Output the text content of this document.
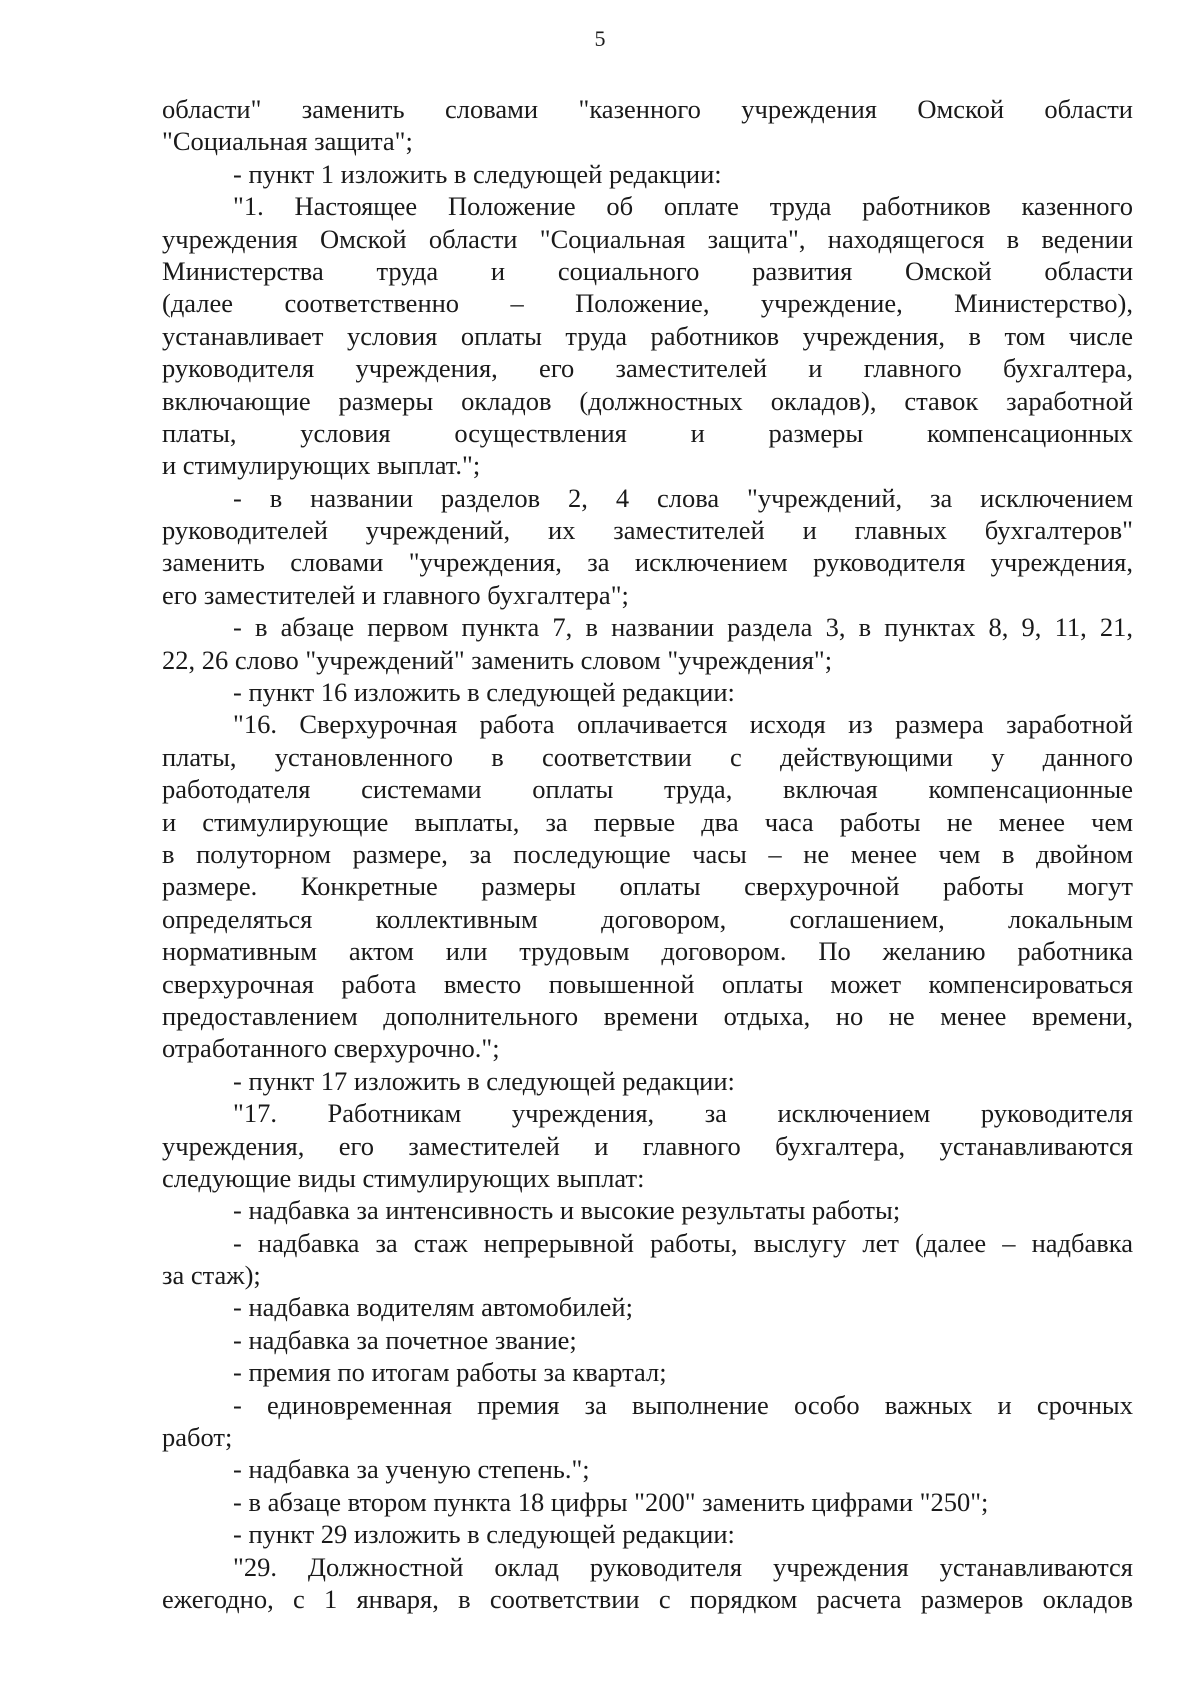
5
области" заменить словами "казенного учреждения Омской области
"Социальная защита";
- пункт 1 изложить в следующей редакции:
"1. Настоящее Положение об оплате труда работников казенного
учреждения Омской области "Социальная защита", находящегося в ведении
Министерства труда и социального развития Омской области
(далее соответственно – Положение, учреждение, Министерство),
устанавливает условия оплаты труда работников учреждения, в том числе
руководителя учреждения, его заместителей и главного бухгалтера,
включающие размеры окладов (должностных окладов), ставок заработной
платы, условия осуществления и размеры компенсационных
и стимулирующих выплат.";
- в названии разделов 2, 4 слова "учреждений, за исключением
руководителей учреждений, их заместителей и главных бухгалтеров"
заменить словами "учреждения, за исключением руководителя учреждения,
его заместителей и главного бухгалтера";
- в абзаце первом пункта 7, в названии раздела 3, в пунктах 8, 9, 11, 21,
22, 26 слово "учреждений" заменить словом "учреждения";
- пункт 16 изложить в следующей редакции:
"16. Сверхурочная работа оплачивается исходя из размера заработной
платы, установленного в соответствии с действующими у данного
работодателя системами оплаты труда, включая компенсационные
и стимулирующие выплаты, за первые два часа работы не менее чем
в полуторном размере, за последующие часы – не менее чем в двойном
размере. Конкретные размеры оплаты сверхурочной работы могут
определяться коллективным договором, соглашением, локальным
нормативным актом или трудовым договором. По желанию работника
сверхурочная работа вместо повышенной оплаты может компенсироваться
предоставлением дополнительного времени отдыха, но не менее времени,
отработанного сверхурочно.";
- пункт 17 изложить в следующей редакции:
"17. Работникам учреждения, за исключением руководителя
учреждения, его заместителей и главного бухгалтера, устанавливаются
следующие виды стимулирующих выплат:
- надбавка за интенсивность и высокие результаты работы;
- надбавка за стаж непрерывной работы, выслугу лет (далее – надбавка
за стаж);
- надбавка водителям автомобилей;
- надбавка за почетное звание;
- премия по итогам работы за квартал;
- единовременная премия за выполнение особо важных и срочных
работ;
- надбавка за ученую степень.";
- в абзаце втором пункта 18 цифры "200" заменить цифрами "250";
- пункт 29 изложить в следующей редакции:
"29. Должностной оклад руководителя учреждения устанавливаются
ежегодно, с 1 января, в соответствии с порядком расчета размеров окладов
